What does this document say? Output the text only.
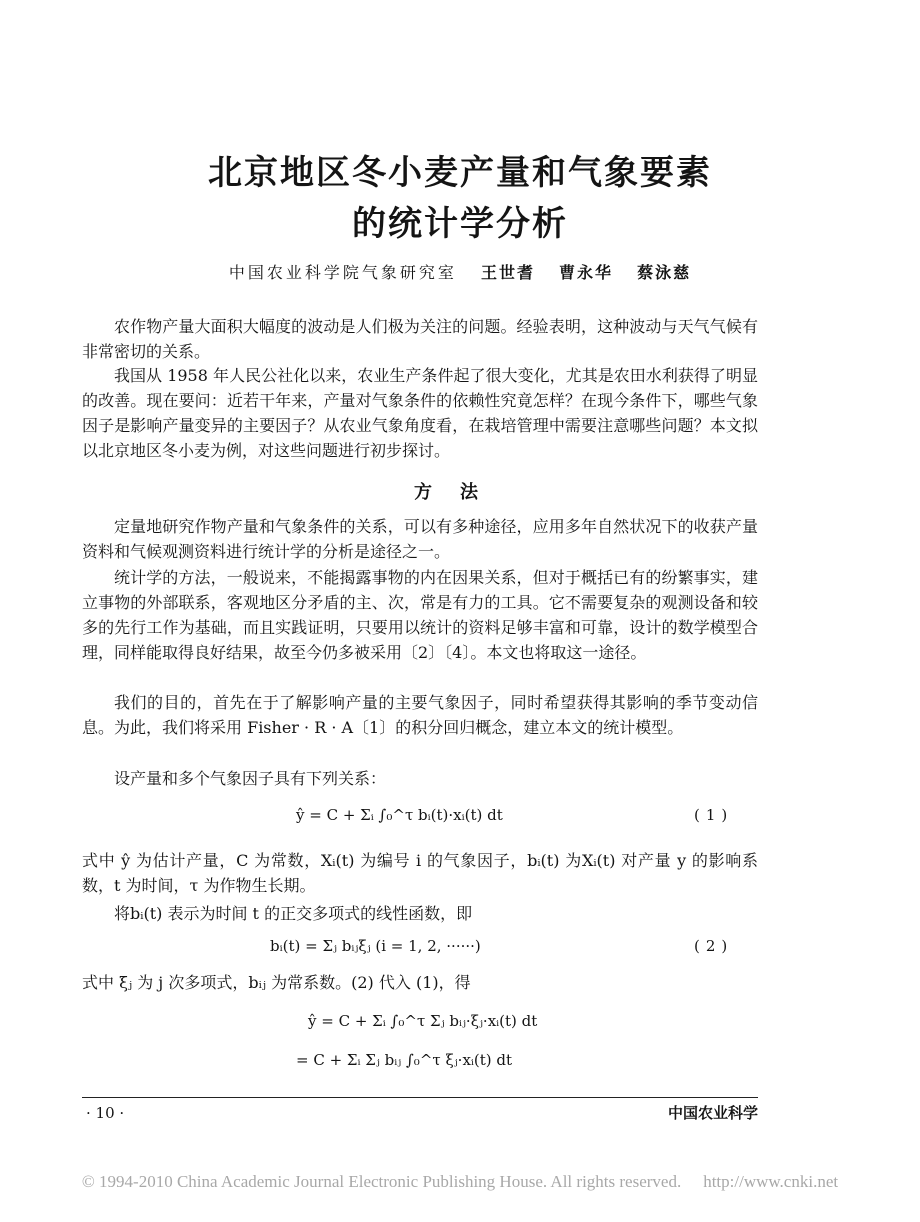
北京地区冬小麦产量和气象要素
的统计学分析
中国农业科学院气象研究室 王世耆 曹永华 蔡泳慈

农作物产量大面积大幅度的波动是人们极为关注的问题。经验表明，这种波动与天气气候有非常密切的关系。

我国从 1958 年人民公社化以来，农业生产条件起了很大变化，尤其是农田水利获得了明显的改善。现在要问：近若干年来，产量对气象条件的依赖性究竟怎样？在现今条件下，哪些气象因子是影响产量变异的主要因子？从农业气象角度看，在栽培管理中需要注意哪些问题？本文拟以北京地区冬小麦为例，对这些问题进行初步探讨。

方法

定量地研究作物产量和气象条件的关系，可以有多种途径，应用多年自然状况下的收获产量资料和气候观测资料进行统计学的分析是途径之一。

统计学的方法，一般说来，不能揭露事物的内在因果关系，但对于概括已有的纷繁事实，建立事物的外部联系，客观地区分矛盾的主、次，常是有力的工具。它不需要复杂的观测设备和较多的先行工作为基础，而且实践证明，只要用以统计的资料足够丰富和可靠，设计的数学模型合理，同样能取得良好结果，故至今仍多被采用〔2〕〔4〕。本文也将取这一途径。

我们的目的，首先在于了解影响产量的主要气象因子，同时希望获得其影响的季节变动信息。为此，我们将采用 Fisher · R · A〔1〕的积分回归概念，建立本文的统计模型。

设产量和多个气象因子具有下列关系：

ŷ = C + Σᵢ ∫₀^τ bᵢ(t)·xᵢ(t) dt	(1)

式中 ŷ 为估计产量，C 为常数，Xᵢ(t) 为编号 i 的气象因子，bᵢ(t) 为Xᵢ(t) 对产量 y 的影响系数，t 为时间，τ 为作物生长期。

将bᵢ(t) 表示为时间 t 的正交多项式的线性函数，即

bᵢ(t) = Σⱼ bᵢⱼξⱼ (i = 1, 2, ······)	(2)

式中 ξⱼ 为 j 次多项式，bᵢⱼ 为常系数。(2) 代入 (1)，得

ŷ = C + Σᵢ ∫₀^τ Σⱼ bᵢⱼ·ξⱼ·xᵢ(t) dt
= C + Σᵢ Σⱼ bᵢⱼ ∫₀^τ ξⱼ·xᵢ(t) dt
· 10 ·	中国农业科学
© 1994-2010 China Academic Journal Electronic Publishing House. All rights reserved. http://www.cnki.net
